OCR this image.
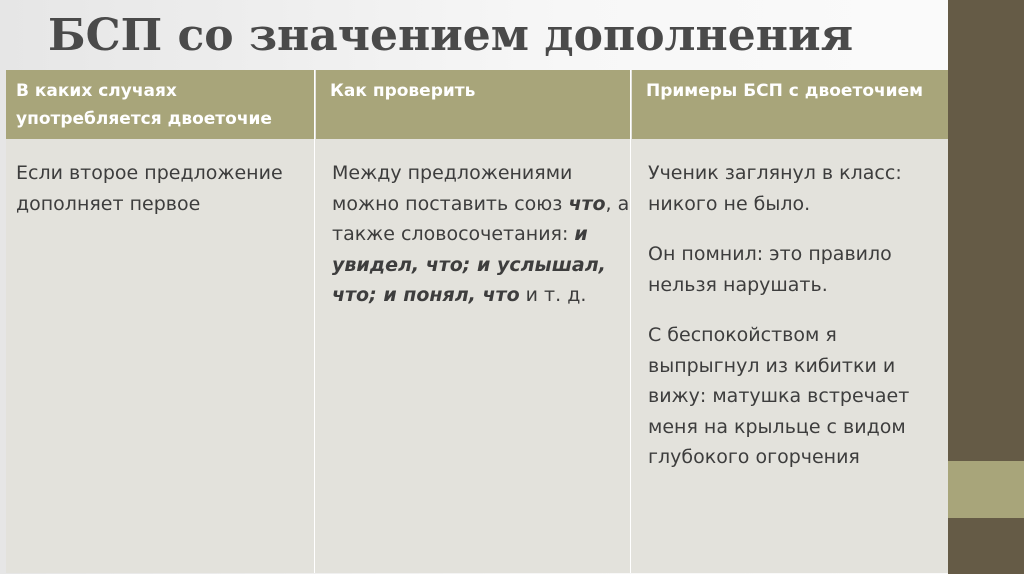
БСП со значением дополнения
В каких случаях употребляется двоеточие
Как проверить	Примеры БСП с двоеточием
Если второе предложение дополняет первое
Между предложениями можно поставить союз что, а также словосочетания: и увидел, что; и услышал, что; и понял, что и т. д.

Ученик заглянул в класс: никого не было.

Он помнил: это правило нельзя нарушать.

С беспокойством я выпрыгнул из кибитки и вижу: матушка встречает меня на крыльце с видом глубокого огорчения
